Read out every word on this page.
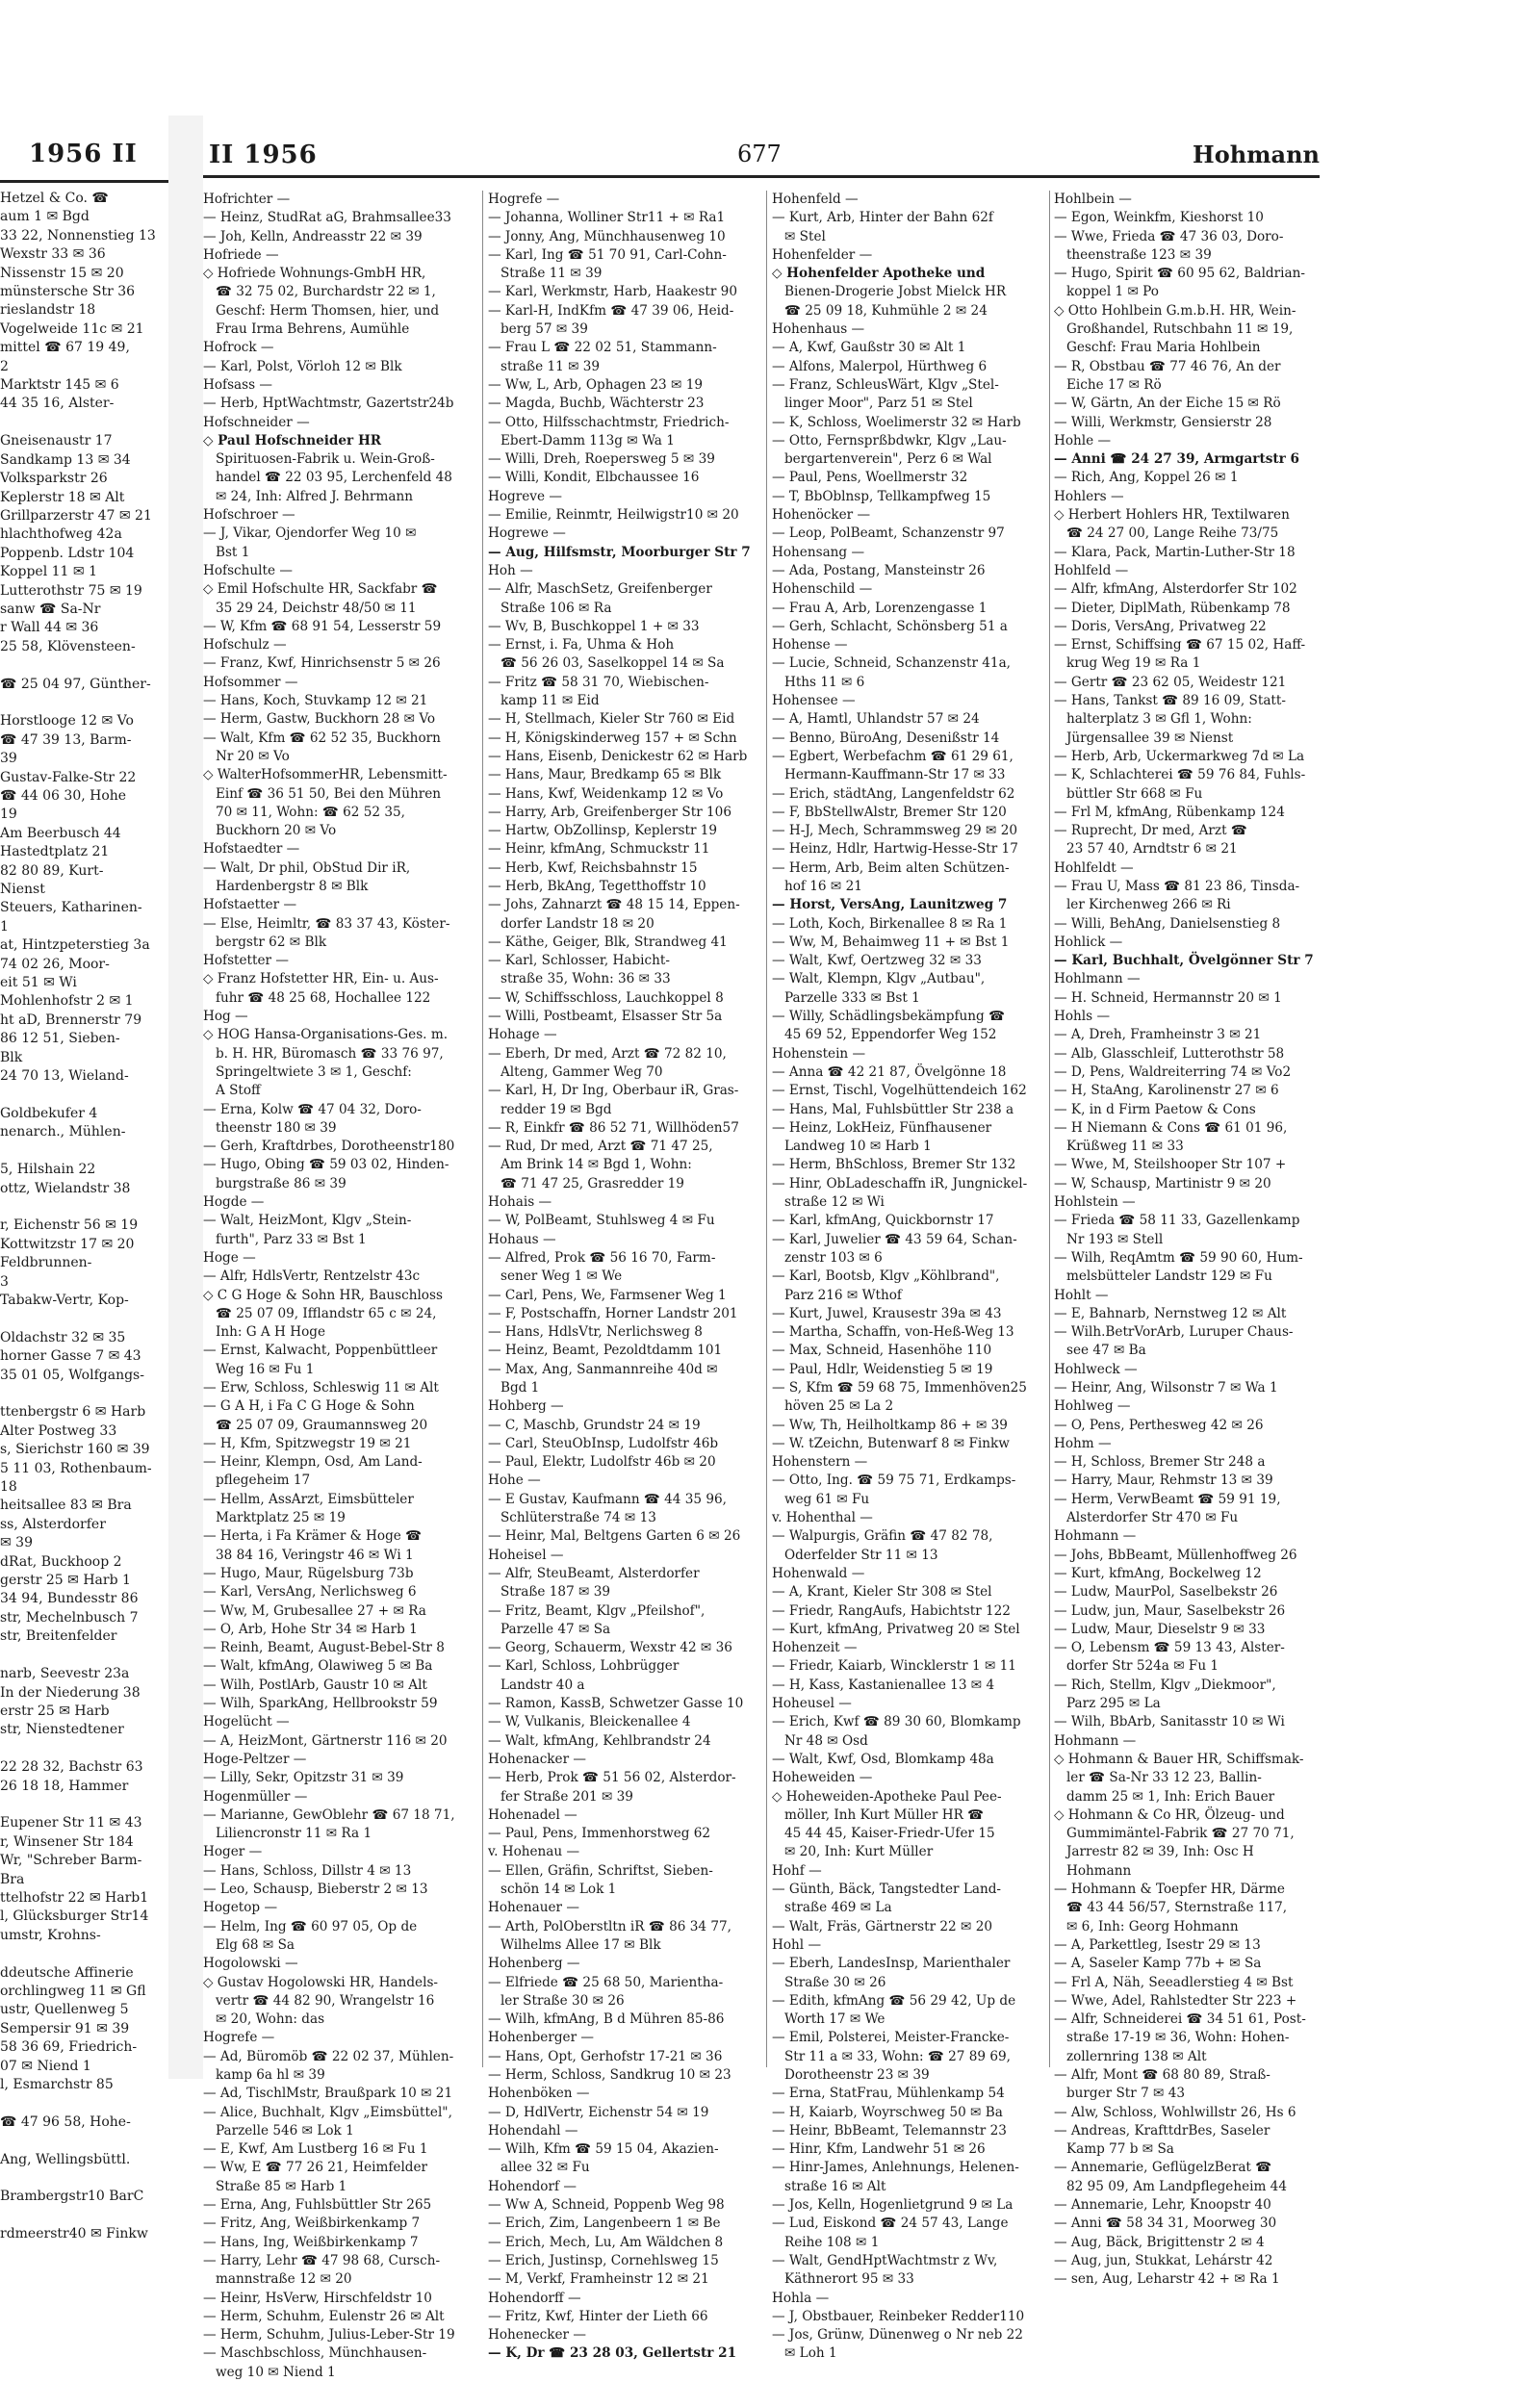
1956 II
Hetzel & Co. ☎
aum 1 ✉ Bgd
33 22, Nonnenstieg 13
Wexstr 33 ✉ 36
Nissenstr 15 ✉ 20
münstersche Str 36
rieslandstr 18
Vogelweide 11c ✉ 21
mittel ☎ 67 19 49,
2
Marktstr 145 ✉ 6
44 35 16, Alster-

Gneisenaustr 17
Sandkamp 13 ✉ 34
Volksparkstr 26
Keplerstr 18 ✉ Alt
Grillparzerstr 47 ✉ 21
hlachthofweg 42a
Poppenb. Ldstr 104
Koppel 11 ✉ 1
Lutterothstr 75 ✉ 19
sanw ☎ Sa-Nr
r Wall 44 ✉ 36
25 58, Klövensteen-

☎ 25 04 97, Günther-

Horstloogе 12 ✉ Vo
☎ 47 39 13, Barm-
39
Gustav-Falke-Str 22
☎ 44 06 30, Hohe
19
Am Beerbusch 44
Hastedtplatz 21
82 80 89, Kurt-
Nienst
Steuers, Katharinen-
1
at, Hintzpeterstieg 3a
74 02 26, Moor-
eit 51 ✉ Wi
Mohlenhofstr 2 ✉ 1
ht aD, Brennerstr 79
86 12 51, Sieben-
Blk
24 70 13, Wieland-

Goldbekufer 4
nenarch., Mühlen-

5, Hilshain 22
ottz, Wielandstr 38

r, Eichenstr 56 ✉ 19
Kottwitzstr 17 ✉ 20
Feldbrunnen-
3
Tabakw-Vertr, Kop-

Oldachstr 32 ✉ 35
horner Gasse 7 ✉ 43
35 01 05, Wolfgangs-

ttenbergstr 6 ✉ Harb
Alter Postweg 33
s, Sierichstr 160 ✉ 39
5 11 03, Rothenbaum-
18
heitsallee 83 ✉ Bra
ss, Alsterdorfer
✉ 39
dRat, Buckhoop 2
gerstr 25 ✉ Harb 1
34 94, Bundesstr 86
str, Mechelnbusch 7
str, Breitenfelder

narb, Seevestr 23a
In der Niederung 38
erstr 25 ✉ Harb
str, Nienstedtener

22 28 32, Bachstr 63
26 18 18, Hammer

Eupener Str 11 ✉ 43
r, Winsener Str 184
Wr, "Schreber Barm-
Bra
ttelhofstr 22 ✉ Harb1
l, Glücksburger Str14
umstr, Krohns-

ddeutsche Affinerie
orchlingweg 11 ✉ Gfl
ustr, Quellenweg 5
Sempersir 91 ✉ 39
58 36 69, Friedrich-
07 ✉ Niend 1
l, Esmarchstr 85

☎ 47 96 58, Hohe-

Ang, Wellingsbüttl.

Brambergstr10 BarC

rdmeerstr40 ✉ Finkw
II 1956	677	Hohmann
Hofrichter —
— Heinz, StudRat aG, Brahmsallee33
— Joh, Kelln, Andreasstr 22 ✉ 39
Hofriede —
◇ Hofriede Wohnungs-GmbH HR,
☎ 32 75 02, Burchardstr 22 ✉ 1,
Geschf: Herm Thomsen, hier, und
Frau Irma Behrens, Aumühle
Hofrock —
— Karl, Polst, Vörloh 12 ✉ Blk
Hofsass —
— Herb, HptWachtmstr, Gazertstr24b
Hofschneider —
◇ Paul Hofschneider HR
Spirituosen-Fabrik u. Wein-Groß-
handel ☎ 22 03 95, Lerchenfeld 48
✉ 24, Inh: Alfred J. Behrmann
Hofschroer —
— J, Vikar, Ojendorfer Weg 10 ✉
Bst 1
Hofschulte —
◇ Emil Hofschulte HR, Sackfabr ☎
35 29 24, Deichstr 48/50 ✉ 11
— W, Kfm ☎ 68 91 54, Lesserstr 59
Hofschulz —
— Franz, Kwf, Hinrichsenstr 5 ✉ 26
Hofsommer —
— Hans, Koch, Stuvkamp 12 ✉ 21
— Herm, Gastw, Buckhorn 28 ✉ Vo
— Walt, Kfm ☎ 62 52 35, Buckhorn
Nr 20 ✉ Vo
◇ WalterHofsommerHR, Lebensmitt-
Einf ☎ 36 51 50, Bei den Mühren
70 ✉ 11, Wohn: ☎ 62 52 35,
Buckhorn 20 ✉ Vo
Hofstaedter —
— Walt, Dr phil, ObStud Dir iR,
Hardenbergstr 8 ✉ Blk
Hofstaetter —
— Else, Heimltr, ☎ 83 37 43, Köster-
bergstr 62 ✉ Blk
Hofstetter —
◇ Franz Hofstetter HR, Ein- u. Aus-
fuhr ☎ 48 25 68, Hochallee 122
Hog —
◇ HOG Hansa-Organisations-Ges. m.
b. H. HR, Büromasch ☎ 33 76 97,
Springeltwiete 3 ✉ 1, Geschf:
A Stoff
— Erna, Kolw ☎ 47 04 32, Doro-
theenstr 180 ✉ 39
— Gerh, Kraftdrbes, Dorotheenstr180
— Hugo, Obing ☎ 59 03 02, Hinden-
burgstraße 86 ✉ 39
Hogde —
— Walt, HeizMont, Klgv „Stein-
furth", Parz 33 ✉ Bst 1
Hoge —
— Alfr, HdlsVertr, Rentzelstr 43c
◇ C G Hoge & Sohn HR, Bauschloss
☎ 25 07 09, Ifflandstr 65 c ✉ 24,
Inh: G A H Hoge
— Ernst, Kalwacht, Poppenbüttleer
Weg 16 ✉ Fu 1
— Erw, Schloss, Schleswig 11 ✉ Alt
— G A H, i Fa C G Hoge & Sohn
☎ 25 07 09, Graumannsweg 20
— H, Kfm, Spitzwegstr 19 ✉ 21
— Heinr, Klempn, Osd, Am Land-
pflegeheim 17
— Hellm, AssArzt, Eimsbütteler
Marktplatz 25 ✉ 19
— Herta, i Fa Krämer & Hoge ☎
38 84 16, Veringstr 46 ✉ Wi 1
— Hugo, Maur, Rügelsburg 73b
— Karl, VersAng, Nerlichsweg 6
— Ww, M, Grubesallee 27 + ✉ Ra
— O, Arb, Hohe Str 34 ✉ Harb 1
— Reinh, Beamt, August-Bebel-Str 8
— Walt, kfmAng, Olawiweg 5 ✉ Ba
— Wilh, PostlArb, Gaustr 10 ✉ Alt
— Wilh, SparkAng, Hellbrookstr 59
Hogelücht —
— A, HeizMont, Gärtnerstr 116 ✉ 20
Hoge-Peltzer —
— Lilly, Sekr, Opitzstr 31 ✉ 39
Hogenmüller —
— Marianne, GewOblehr ☎ 67 18 71,
Liliencronstr 11 ✉ Ra 1
Hoger —
— Hans, Schloss, Dillstr 4 ✉ 13
— Leo, Schausp, Bieberstr 2 ✉ 13
Hogetop —
— Helm, Ing ☎ 60 97 05, Op de
Elg 68 ✉ Sa
Hogolowski —
◇ Gustav Hogolowski HR, Handels-
vertr ☎ 44 82 90, Wrangelstr 16
✉ 20, Wohn: das
Hogrefe —
— Ad, Büromöb ☎ 22 02 37, Mühlen-
kamp 6a hl ✉ 39
— Ad, TischlMstr, Braußpark 10 ✉ 21
— Alice, Buchhalt, Klgv „Eimsbüttel",
Parzelle 546 ✉ Lok 1
— E, Kwf, Am Lustberg 16 ✉ Fu 1
— Ww, E ☎ 77 26 21, Heimfelder
Straße 85 ✉ Harb 1
— Erna, Ang, Fuhlsbüttler Str 265
— Fritz, Ang, Weißbirkenkamp 7
— Hans, Ing, Weißbirkenkamp 7
— Harry, Lehr ☎ 47 98 68, Cursch-
mannstraße 12 ✉ 20
— Heinr, HsVerw, Hirschfeldstr 10
— Herm, Schuhm, Eulenstr 26 ✉ Alt
— Herm, Schuhm, Julius-Leber-Str 19
— Maschbschloss, Münchhausen-
weg 10 ✉ Niend 1
Hogrefe —
— Johanna, Wolliner Str11 + ✉ Ra1
— Jonny, Ang, Münchhausenweg 10
— Karl, Ing ☎ 51 70 91, Carl-Cohn-
Straße 11 ✉ 39
— Karl, Werkmstr, Harb, Haakestr 90
— Karl-H, IndKfm ☎ 47 39 06, Heid-
berg 57 ✉ 39
— Frau L ☎ 22 02 51, Stammann-
straße 11 ✉ 39
— Ww, L, Arb, Ophagen 23 ✉ 19
— Magda, Buchb, Wächterstr 23
— Otto, Hilfsschachtmstr, Friedrich-
Ebert-Damm 113g ✉ Wa 1
— Willi, Dreh, Roepersweg 5 ✉ 39
— Willi, Kondit, Elbchaussee 16
Hogreve —
— Emilie, Reinmtr, Heilwigstr10 ✉ 20
Hogrewe —
— Aug, Hilfsmstr, Moorburger Str 7
Hoh —
— Alfr, MaschSetz, Greifenberger
Straße 106 ✉ Ra
— Wv, B, Buschkoppel 1 + ✉ 33
— Ernst, i. Fa, Uhma & Hoh
☎ 56 26 03, Saselkoppel 14 ✉ Sa
— Fritz ☎ 58 31 70, Wiebischen-
kamp 11 ✉ Eid
— H, Stellmach, Kieler Str 760 ✉ Eid
— H, Königskinderweg 157 + ✉ Schn
— Hans, Eisenb, Denickestr 62 ✉ Harb
— Hans, Maur, Bredkamp 65 ✉ Blk
— Hans, Kwf, Weidenkamp 12 ✉ Vo
— Harry, Arb, Greifenberger Str 106
— Hartw, ObZollinsp, Keplerstr 19
— Heinr, kfmAng, Schmuckstr 11
— Herb, Kwf, Reichsbahnstr 15
— Herb, BkAng, Tegetthoffstr 10
— Johs, Zahnarzt ☎ 48 15 14, Eppen-
dorfer Landstr 18 ✉ 20
— Käthe, Geiger, Blk, Strandweg 41
— Karl, Schlosser, Habicht-
straße 35, Wohn: 36 ✉ 33
— W, Schiffsschloss, Lauchkoppel 8
— Willi, Postbeamt, Elsasser Str 5a
Hohage —
— Eberh, Dr med, Arzt ☎ 72 82 10,
Alteng, Gammer Weg 70
— Karl, H, Dr Ing, Oberbaur iR, Gras-
redder 19 ✉ Bgd
— R, Einkfr ☎ 86 52 71, Willhöden57
— Rud, Dr med, Arzt ☎ 71 47 25,
Am Brink 14 ✉ Bgd 1, Wohn:
☎ 71 47 25, Grasredder 19
Hohais —
— W, PolBeamt, Stuhlsweg 4 ✉ Fu
Hohaus —
— Alfred, Prok ☎ 56 16 70, Farm-
sener Weg 1 ✉ We
— Carl, Pens, We, Farmsener Weg 1
— F, Postschaffn, Horner Landstr 201
— Hans, HdlsVtr, Nerlichsweg 8
— Heinz, Beamt, Pezoldtdamm 101
— Max, Ang, Sanmannreihe 40d ✉
Bgd 1
Hohberg —
— C, Maschb, Grundstr 24 ✉ 19
— Carl, SteuObInsp, Ludolfstr 46b
— Paul, Elektr, Ludolfstr 46b ✉ 20
Hohe —
— E Gustav, Kaufmann ☎ 44 35 96,
Schlüterstraße 74 ✉ 13
— Heinr, Mal, Beltgens Garten 6 ✉ 26
Hoheisel —
— Alfr, SteuBeamt, Alsterdorfer
Straße 187 ✉ 39
— Fritz, Beamt, Klgv „Pfeilshof",
Parzelle 47 ✉ Sa
— Georg, Schauerm, Wexstr 42 ✉ 36
— Karl, Schloss, Lohbrügger
Landstr 40 a
— Ramon, KassB, Schwetzer Gasse 10
— W, Vulkanis, Bleickenallee 4
— Walt, kfmAng, Kehlbrandstr 24
Hohenacker —
— Herb, Prok ☎ 51 56 02, Alsterdor-
fer Straße 201 ✉ 39
Hohenadel —
— Paul, Pens, Immenhorstweg 62
v. Hohenau —
— Ellen, Gräfin, Schriftst, Sieben-
schön 14 ✉ Lok 1
Hohenauer —
— Arth, PolOberstltn iR ☎ 86 34 77,
Wilhelms Allee 17 ✉ Blk
Hohenberg —
— Elfriede ☎ 25 68 50, Marientha-
ler Straße 30 ✉ 26
— Wilh, kfmAng, B d Mühren 85-86
Hohenberger —
— Hans, Opt, Gerhofstr 17-21 ✉ 36
— Herm, Schloss, Sandkrug 10 ✉ 23
Hohenböken —
— D, HdlVertr, Eichenstr 54 ✉ 19
Hohendahl —
— Wilh, Kfm ☎ 59 15 04, Akazien-
allee 32 ✉ Fu
Hohendorf —
— Ww A, Schneid, Poppenb Weg 98
— Erich, Zim, Langenbeern 1 ✉ Be
— Erich, Mech, Lu, Am Wäldchen 8
— Erich, Justinsp, Cornehlsweg 15
— M, Verkf, Framheinstr 12 ✉ 21
Hohendorff —
— Fritz, Kwf, Hinter der Lieth 66
Hohenecker —
— K, Dr ☎ 23 28 03, Gellertstr 21
Hohenfeld —
— Kurt, Arb, Hinter der Bahn 62f
✉ Stel
Hohenfelder —
◇ Hohenfelder Apotheke und
Bienen-Drogerie Jobst Mielck HR
☎ 25 09 18, Kuhmühle 2 ✉ 24
Hohenhaus —
— A, Kwf, Gaußstr 30 ✉ Alt 1
— Alfons, Malerpol, Hürthweg 6
— Franz, SchleusWärt, Klgv „Stel-
linger Moor", Parz 51 ✉ Stel
— K, Schloss, Woelimerstr 32 ✉ Harb
— Otto, Fernsprßbdwkr, Klgv „Lau-
bergartenverein", Perz 6 ✉ Wal
— Paul, Pens, Woellmerstr 32
— T, BbOblnsp, Tellkampfweg 15
Hohenöcker —
— Leop, PolBeamt, Schanzenstr 97
Hohensang —
— Ada, Postang, Mansteinstr 26
Hohenschild —
— Frau A, Arb, Lorenzengasse 1
— Gerh, Schlacht, Schönsberg 51 a
Hohense —
— Lucie, Schneid, Schanzenstr 41a,
Hths 11 ✉ 6
Hohensee —
— A, Hamtl, Uhlandstr 57 ✉ 24
— Benno, BüroAng, Desenißstr 14
— Egbert, Werbefachm ☎ 61 29 61,
Hermann-Kauffmann-Str 17 ✉ 33
— Erich, städtAng, Langenfeldstr 62
— F, BbStellwAlstr, Bremer Str 120
— H-J, Mech, Schrammsweg 29 ✉ 20
— Heinz, Hdlr, Hartwig-Hesse-Str 17
— Herm, Arb, Beim alten Schützen-
hof 16 ✉ 21
— Horst, VersAng, Launitzweg 7
— Loth, Koch, Birkenallee 8 ✉ Ra 1
— Ww, M, Behaimweg 11 + ✉ Bst 1
— Walt, Kwf, Oertzweg 32 ✉ 33
— Walt, Klempn, Klgv „Autbau",
Parzelle 333 ✉ Bst 1
— Willy, Schädlingsbekämpfung ☎
45 69 52, Eppendorfer Weg 152
Hohenstein —
— Anna ☎ 42 21 87, Övelgönne 18
— Ernst, Tischl, Vogelhüttendeich 162
— Hans, Mal, Fuhlsbüttler Str 238 a
— Heinz, LokHeiz, Fünfhausener
Landweg 10 ✉ Harb 1
— Herm, BhSchloss, Bremer Str 132
— Hinr, ObLadeschaffn iR, Jungnickel-
straße 12 ✉ Wi
— Karl, kfmAng, Quickbornstr 17
— Karl, Juwelier ☎ 43 59 64, Schan-
zenstr 103 ✉ 6
— Karl, Bootsb, Klgv „Köhlbrand",
Parz 216 ✉ Wthof
— Kurt, Juwel, Krausestr 39a ✉ 43
— Martha, Schaffn, von-Heß-Weg 13
— Max, Schneid, Hasenhöhe 110
— Paul, Hdlr, Weidenstieg 5 ✉ 19
— S, Kfm ☎ 59 68 75, Immenhöven25
höven 25 ✉ La 2
— Ww, Th, Heilholtkamp 86 + ✉ 39
— W. tZeichn, Butenwarf 8 ✉ Finkw
Hohenstern —
— Otto, Ing. ☎ 59 75 71, Erdkamps-
weg 61 ✉ Fu
v. Hohenthal —
— Walpurgis, Gräfin ☎ 47 82 78,
Oderfelder Str 11 ✉ 13
Hohenwald —
— A, Krant, Kieler Str 308 ✉ Stel
— Friedr, RangAufs, Habichtstr 122
— Kurt, kfmAng, Privatweg 20 ✉ Stel
Hohenzeit —
— Friedr, Kaiarb, Wincklerstr 1 ✉ 11
— H, Kass, Kastanienallee 13 ✉ 4
Hoheusel —
— Erich, Kwf ☎ 89 30 60, Blomkamp
Nr 48 ✉ Osd
— Walt, Kwf, Osd, Blomkamp 48a
Hoheweiden —
◇ Hoheweiden-Apotheke Paul Pee-
möller, Inh Kurt Müller HR ☎
45 44 45, Kaiser-Friedr-Ufer 15
✉ 20, Inh: Kurt Müller
Hohf —
— Günth, Bäck, Tangstedter Land-
straße 469 ✉ La
— Walt, Fräs, Gärtnerstr 22 ✉ 20
Hohl —
— Eberh, LandesInsp, Marienthaler
Straße 30 ✉ 26
— Edith, kfmAng ☎ 56 29 42, Up de
Worth 17 ✉ We
— Emil, Polsterei, Meister-Francke-
Str 11 a ✉ 33, Wohn: ☎ 27 89 69,
Dorotheenstr 23 ✉ 39
— Erna, StatFrau, Mühlenkamp 54
— H, Kaiarb, Woyrschweg 50 ✉ Ba
— Heinr, BbBeamt, Telemannstr 23
— Hinr, Kfm, Landwehr 51 ✉ 26
— Hinr-James, Anlehnungs, Helenen-
straße 16 ✉ Alt
— Jos, Kelln, Hogenlietgrund 9 ✉ La
— Lud, Eiskond ☎ 24 57 43, Lange
Reihe 108 ✉ 1
— Walt, GendHptWachtmstr z Wv,
Käthnerort 95 ✉ 33
Hohla —
— J, Obstbauer, Reinbeker Redder110
— Jos, Grünw, Dünenweg o Nr neb 22
✉ Loh 1
Hohlbein —
— Egon, Weinkfm, Kieshorst 10
— Wwe, Frieda ☎ 47 36 03, Doro-
theenstraße 123 ✉ 39
— Hugo, Spirit ☎ 60 95 62, Baldrian-
koppel 1 ✉ Po
◇ Otto Hohlbein G.m.b.H. HR, Wein-
Großhandel, Rutschbahn 11 ✉ 19,
Geschf: Frau Maria Hohlbein
— R, Obstbau ☎ 77 46 76, An der
Eiche 17 ✉ Rö
— W, Gärtn, An der Eiche 15 ✉ Rö
— Willi, Werkmstr, Gensierstr 28
Hohle —
— Anni ☎ 24 27 39, Armgartstr 6
— Rich, Ang, Koppel 26 ✉ 1
Hohlers —
◇ Herbert Hohlers HR, Textilwaren
☎ 24 27 00, Lange Reihe 73/75
— Klara, Pack, Martin-Luther-Str 18
Hohlfeld —
— Alfr, kfmAng, Alsterdorfer Str 102
— Dieter, DiplMath, Rübenkamp 78
— Doris, VersAng, Privatweg 22
— Ernst, Schiffsing ☎ 67 15 02, Haff-
krug Weg 19 ✉ Ra 1
— Gertr ☎ 23 62 05, Weidestr 121
— Hans, Tankst ☎ 89 16 09, Statt-
halterplatz 3 ✉ Gfl 1, Wohn:
Jürgensallee 39 ✉ Nienst
— Herb, Arb, Uckermarkweg 7d ✉ La
— K, Schlachterei ☎ 59 76 84, Fuhls-
büttler Str 668 ✉ Fu
— Frl M, kfmAng, Rübenkamp 124
— Ruprecht, Dr med, Arzt ☎
23 57 40, Arndtstr 6 ✉ 21
Hohlfeldt —
— Frau U, Mass ☎ 81 23 86, Tinsda-
ler Kirchenweg 266 ✉ Ri
— Willi, BehAng, Danielsenstieg 8
Hohlick —
— Karl, Buchhalt, Övelgönner Str 7
Hohlmann —
— H. Schneid, Hermannstr 20 ✉ 1
Hohls —
— A, Dreh, Framheinstr 3 ✉ 21
— Alb, Glasschleif, Lutterothstr 58
— D, Pens, Waldreiterring 74 ✉ Vo2
— H, StaAng, Karolinenstr 27 ✉ 6
— K, in d Firm Paetow & Cons
— H Niemann & Cons ☎ 61 01 96,
Krüßweg 11 ✉ 33
— Wwe, M, Steilshooper Str 107 +
— W, Schausp, Martinistr 9 ✉ 20
Hohlstein —
— Frieda ☎ 58 11 33, Gazellenkamp
Nr 193 ✉ Stell
— Wilh, ReqAmtm ☎ 59 90 60, Hum-
melsbütteler Landstr 129 ✉ Fu
Hohlt —
— E, Bahnarb, Nernstweg 12 ✉ Alt
— Wilh.BetrVorArb, Luruper Chaus-
see 47 ✉ Ba
Hohlweck —
— Heinr, Ang, Wilsonstr 7 ✉ Wa 1
Hohlweg —
— O, Pens, Perthesweg 42 ✉ 26
Hohm —
— H, Schloss, Bremer Str 248 a
— Harry, Maur, Rehmstr 13 ✉ 39
— Herm, VerwBeamt ☎ 59 91 19,
Alsterdorfer Str 470 ✉ Fu
Hohmann —
— Johs, BbBeamt, Müllenhoffweg 26
— Kurt, kfmAng, Bockelweg 12
— Ludw, MaurPol, Saselbekstr 26
— Ludw, jun, Maur, Saselbekstr 26
— Ludw, Maur, Dieselstr 9 ✉ 33
— O, Lebensm ☎ 59 13 43, Alster-
dorfer Str 524a ✉ Fu 1
— Rich, Stellm, Klgv „Diekmoor",
Parz 295 ✉ La
— Wilh, BbArb, Sanitasstr 10 ✉ Wi
Hohmann —
◇ Hohmann & Bauer HR, Schiffsmak-
ler ☎ Sa-Nr 33 12 23, Ballin-
damm 25 ✉ 1, Inh: Erich Bauer
◇ Hohmann & Co HR, Ölzeug- und
Gummimäntel-Fabrik ☎ 27 70 71,
Jarrestr 82 ✉ 39, Inh: Osc H
Hohmann
— Hohmann & Toepfer HR, Därme
☎ 43 44 56/57, Sternstraße 117,
✉ 6, Inh: Georg Hohmann
— A, Parkettleg, Isestr 29 ✉ 13
— A, Saseler Kamp 77b + ✉ Sa
— Frl A, Näh, Seeadlerstieg 4 ✉ Bst
— Wwe, Adel, Rahlstedter Str 223 +
— Alfr, Schneiderei ☎ 34 51 61, Post-
straße 17-19 ✉ 36, Wohn: Hohen-
zollernring 138 ✉ Alt
— Alfr, Mont ☎ 68 80 89, Straß-
burger Str 7 ✉ 43
— Alw, Schloss, Wohlwillstr 26, Hs 6
— Andreas, KrafttdrBes, Saseler
Kamp 77 b ✉ Sa
— Annemarie, GeflügelzBerat ☎
82 95 09, Am Landpflegeheim 44
— Annemarie, Lehr, Knoopstr 40
— Anni ☎ 58 34 31, Moorweg 30
— Aug, Bäck, Brigittenstr 2 ✉ 4
— Aug, jun, Stukkat, Lehárstr 42
— sen, Aug, Leharstr 42 + ✉ Ra 1
